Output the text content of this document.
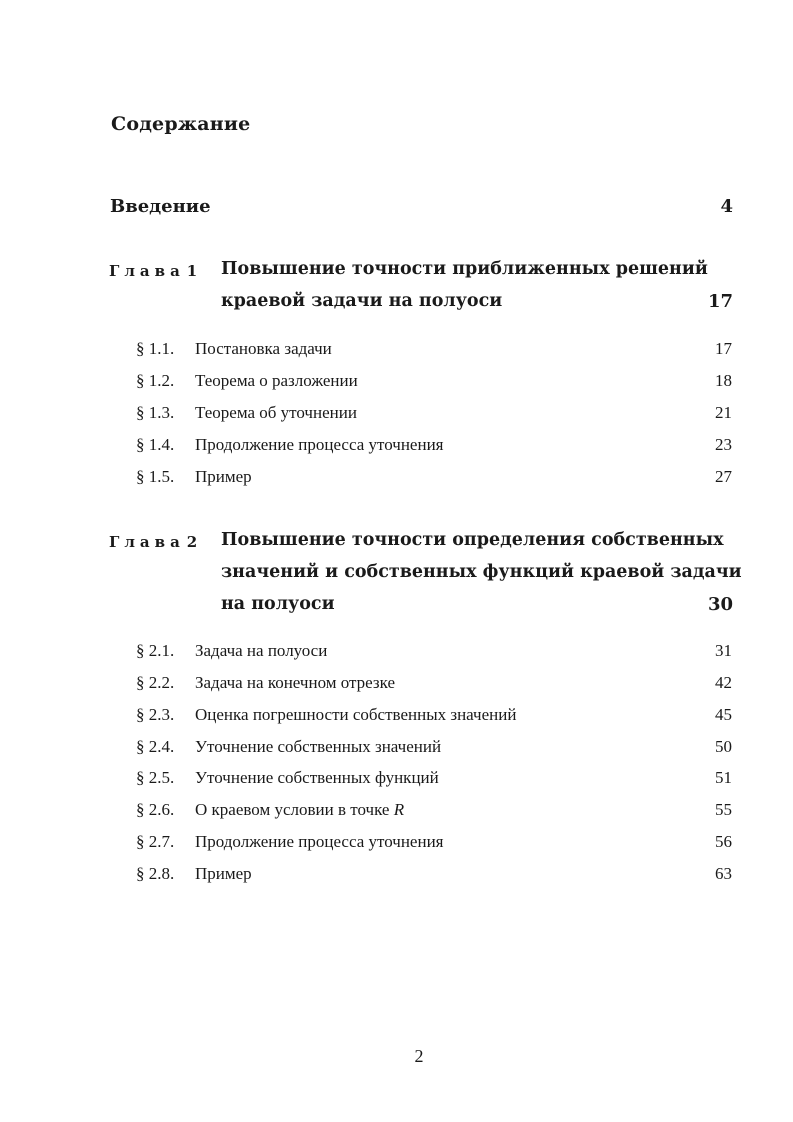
Содержание
Введение	4
Глава 1 Повышение точности приближенных решений
краевой задачи на полуоси	17
§ 1.1. Постановка задачи	17
§ 1.2. Теорема о разложении	18
§ 1.3. Теорема об уточнении	21
§ 1.4. Продолжение процесса уточнения	23
§ 1.5. Пример	27
Глава 2 Повышение точности определения собственных
значений и собственных функций краевой задачи
на полуоси	30
§ 2.1. Задача на полуоси	31
§ 2.2. Задача на конечном отрезке	42
§ 2.3. Оценка погрешности собственных значений	45
§ 2.4. Уточнение собственных значений	50
§ 2.5. Уточнение собственных функций	51
§ 2.6. О краевом условии в точке R	55
§ 2.7. Продолжение процесса уточнения	56
§ 2.8. Пример	63
2
